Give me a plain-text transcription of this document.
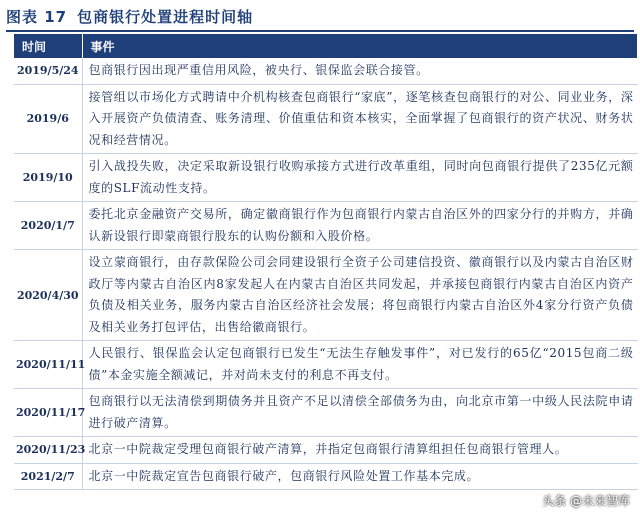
图表 17 包商银行处置进程时间轴
时间	事件
2019/5/24	包商银行因出现严重信用风险，被央行、银保监会联合接管。
2019/6	接管组以市场化方式聘请中介机构核查包商银行“家底”，逐笔核查包商银行的对公、同业业务，深入开展资产负债清查、账务清理、价值重估和资本核实，全面掌握了包商银行的资产状况、财务状况和经营情况。
2019/10	引入战投失败，决定采取新设银行收购承接方式进行改革重组，同时向包商银行提供了235亿元额度的SLF流动性支持。
2020/1/7	委托北京金融资产交易所，确定徽商银行作为包商银行内蒙古自治区外的四家分行的并购方，并确认新设银行即蒙商银行股东的认购份额和入股价格。
2020/4/30	设立蒙商银行，由存款保险公司会同建设银行全资子公司建信投资、徽商银行以及内蒙古自治区财政厅等内蒙古自治区内8家发起人在内蒙古自治区共同发起，并承接包商银行内蒙古自治区内资产负债及相关业务，服务内蒙古自治区经济社会发展；将包商银行内蒙古自治区外4家分行资产负债及相关业务打包评估，出售给徽商银行。
2020/11/11	人民银行、银保监会认定包商银行已发生“无法生存触发事件”，对已发行的65亿“2015包商二级债”本金实施全额减记，并对尚未支付的利息不再支付。
2020/11/17	包商银行以无法清偿到期债务并且资产不足以清偿全部债务为由，向北京市第一中级人民法院申请进行破产清算。
2020/11/23	北京一中院裁定受理包商银行破产清算，并指定包商银行清算组担任包商银行管理人。
2021/2/7	北京一中院裁定宣告包商银行破产，包商银行风险处置工作基本完成。
头条 @未来智库
